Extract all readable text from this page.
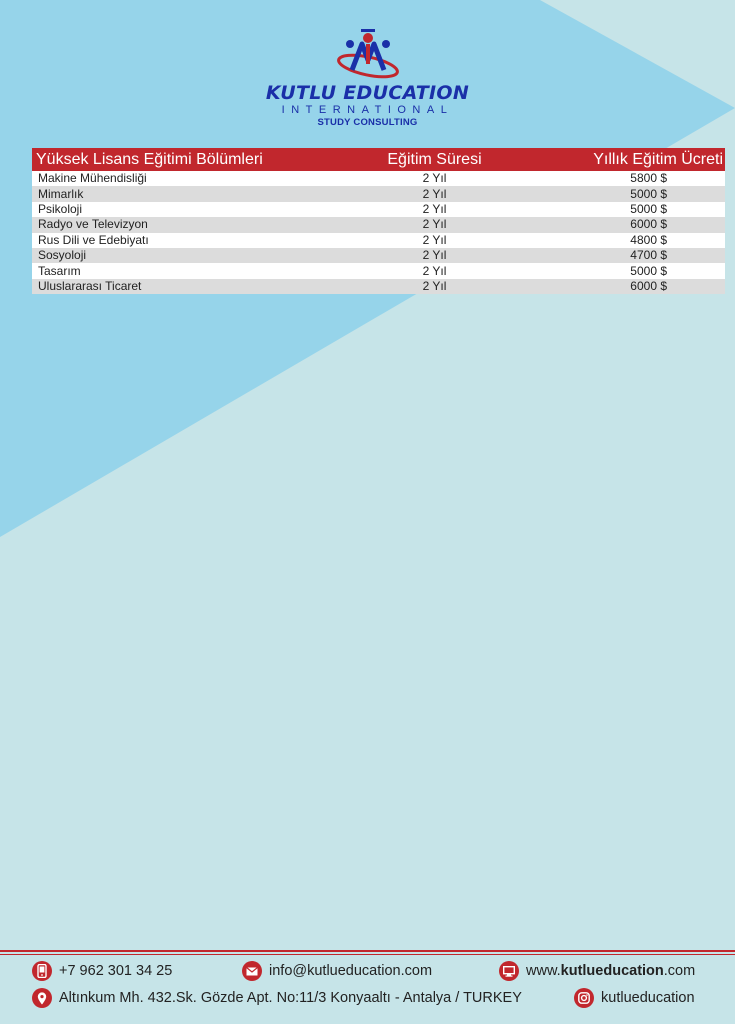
KUTLU EDUCATION
INTERNATIONAL
STUDY CONSULTING
Yüksek Lisans Eğitimi Bölümleri	Eğitim Süresi	Yıllık Eğitim Ücreti
Makine Mühendisliği	2 Yıl	5800 $
Mimarlık	2 Yıl	5000 $
Psikoloji	2 Yıl	5000 $
Radyo ve Televizyon	2 Yıl	6000 $
Rus Dili ve Edebiyatı	2 Yıl	4800 $
Sosyoloji	2 Yıl	4700 $
Tasarım	2 Yıl	5000 $
Uluslararası Ticaret	2 Yıl	6000 $
+7 962 301 34 25	info@kutlueducation.com	www.kutlueducation.com
Altınkum Mh. 432.Sk. Gözde Apt. No:11/3 Konyaaltı - Antalya / TURKEY	kutlueducation
